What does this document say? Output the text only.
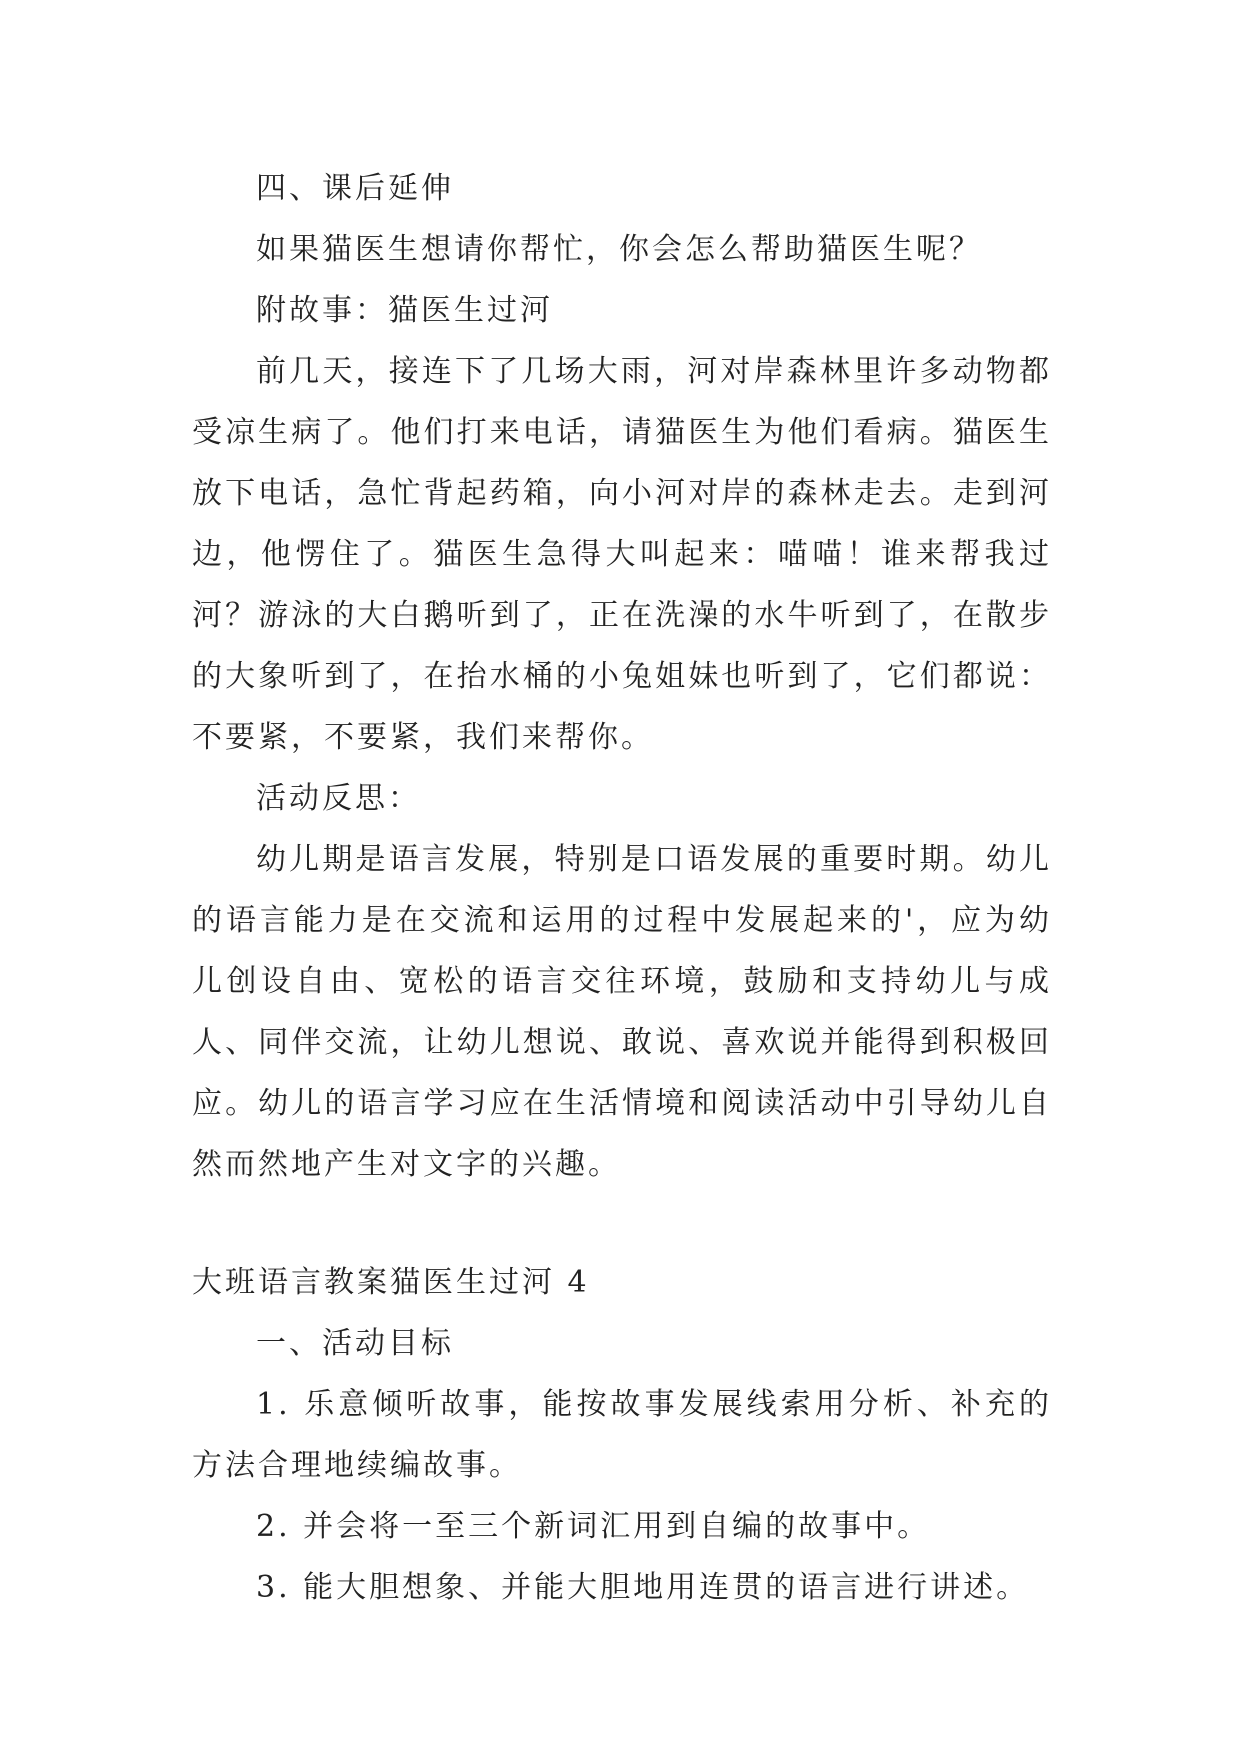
四、课后延伸

如果猫医生想请你帮忙，你会怎么帮助猫医生呢？

附故事：猫医生过河

前几天，接连下了几场大雨，河对岸森林里许多动物都受凉生病了。他们打来电话，请猫医生为他们看病。猫医生放下电话，急忙背起药箱，向小河对岸的森林走去。走到河边，他愣住了。猫医生急得大叫起来：喵喵！谁来帮我过河？游泳的大白鹅听到了，正在洗澡的水牛听到了，在散步的大象听到了，在抬水桶的小兔姐妹也听到了，它们都说：不要紧，不要紧，我们来帮你。

活动反思：

幼儿期是语言发展，特别是口语发展的重要时期。幼儿的语言能力是在交流和运用的过程中发展起来的'，应为幼儿创设自由、宽松的语言交往环境，鼓励和支持幼儿与成人、同伴交流，让幼儿想说、敢说、喜欢说并能得到积极回应。幼儿的语言学习应在生活情境和阅读活动中引导幼儿自然而然地产生对文字的兴趣。

大班语言教案猫医生过河 4

一、活动目标

1. 乐意倾听故事，能按故事发展线索用分析、补充的方法合理地续编故事。

2. 并会将一至三个新词汇用到自编的故事中。

3. 能大胆想象、并能大胆地用连贯的语言进行讲述。
